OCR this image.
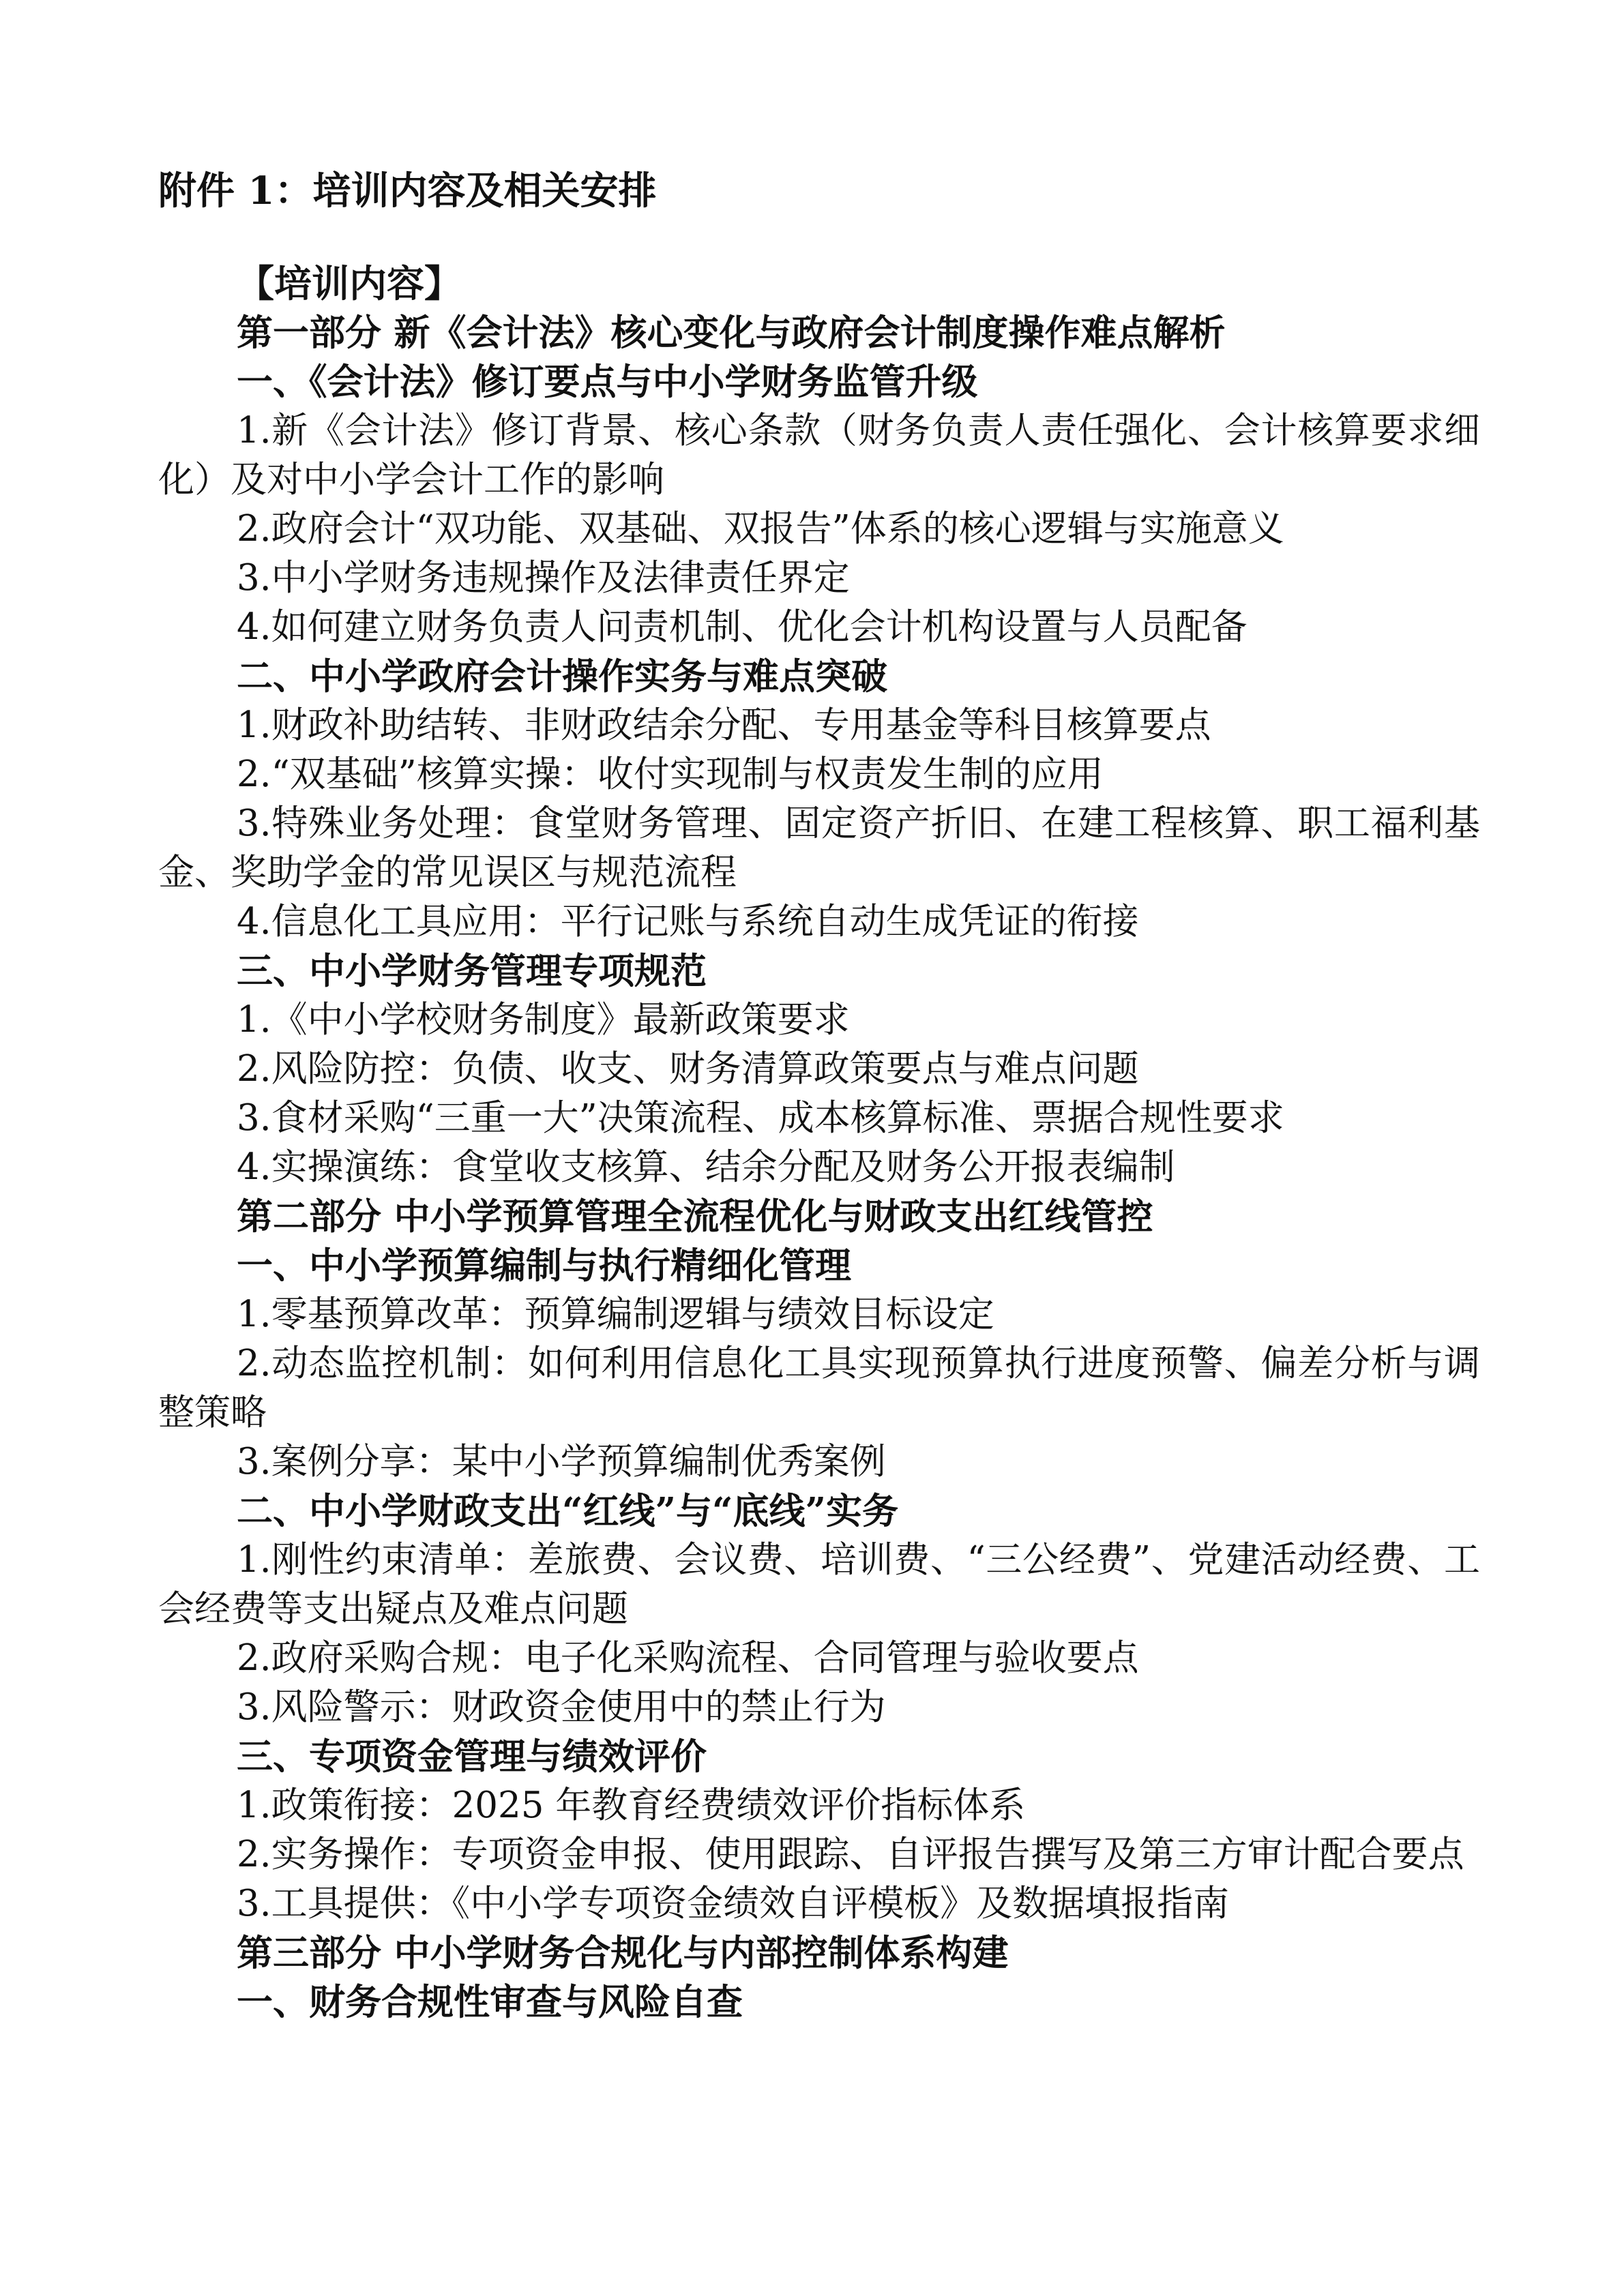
附件 1：培训内容及相关安排
【培训内容】

第一部分 新《会计法》核心变化与政府会计制度操作难点解析

一、《会计法》修订要点与中小学财务监管升级

1.新《会计法》修订背景、核心条款（财务负责人责任强化、会计核算要求细化）及对中小学会计工作的影响

2.政府会计“双功能、双基础、双报告”体系的核心逻辑与实施意义

3.中小学财务违规操作及法律责任界定

4.如何建立财务负责人问责机制、优化会计机构设置与人员配备

二、中小学政府会计操作实务与难点突破

1.财政补助结转、非财政结余分配、专用基金等科目核算要点

2.“双基础”核算实操：收付实现制与权责发生制的应用

3.特殊业务处理：食堂财务管理、固定资产折旧、在建工程核算、职工福利基金、奖助学金的常见误区与规范流程

4.信息化工具应用：平行记账与系统自动生成凭证的衔接

三、中小学财务管理专项规范

1.《中小学校财务制度》最新政策要求

2.风险防控：负债、收支、财务清算政策要点与难点问题

3.食材采购“三重一大”决策流程、成本核算标准、票据合规性要求

4.实操演练：食堂收支核算、结余分配及财务公开报表编制

第二部分 中小学预算管理全流程优化与财政支出红线管控

一、中小学预算编制与执行精细化管理

1.零基预算改革：预算编制逻辑与绩效目标设定

2.动态监控机制：如何利用信息化工具实现预算执行进度预警、偏差分析与调整策略

3.案例分享：某中小学预算编制优秀案例

二、中小学财政支出“红线”与“底线”实务

1.刚性约束清单：差旅费、会议费、培训费、“三公经费”、党建活动经费、工会经费等支出疑点及难点问题

2.政府采购合规：电子化采购流程、合同管理与验收要点

3.风险警示：财政资金使用中的禁止行为

三、专项资金管理与绩效评价

1.政策衔接：2025 年教育经费绩效评价指标体系

2.实务操作：专项资金申报、使用跟踪、自评报告撰写及第三方审计配合要点

3.工具提供：《中小学专项资金绩效自评模板》及数据填报指南

第三部分 中小学财务合规化与内部控制体系构建

一、财务合规性审查与风险自查
